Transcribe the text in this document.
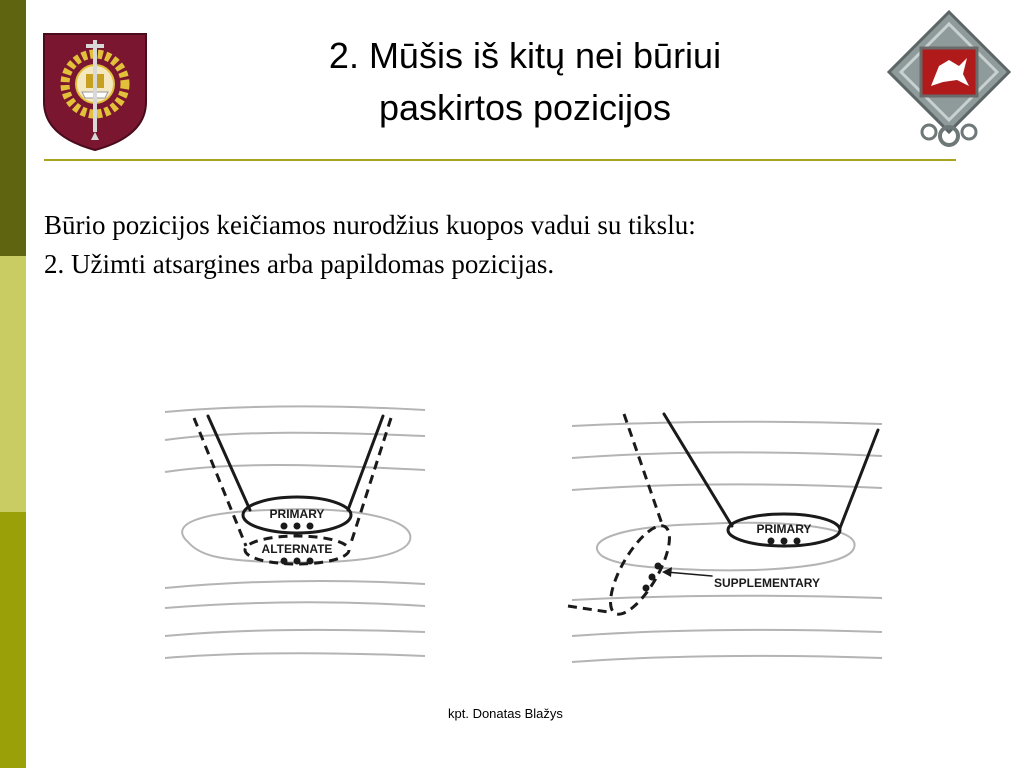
2. Mūšis iš kitų nei būriui
paskirtos pozicijos
Būrio pozicijos keičiamos nurodžius kuopos vadui su tikslu:
2. Užimti atsargines arba papildomas pozicijas.
PRIMARY
ALTERNATE
PRIMARY
SUPPLEMENTARY
kpt. Donatas Blažys
